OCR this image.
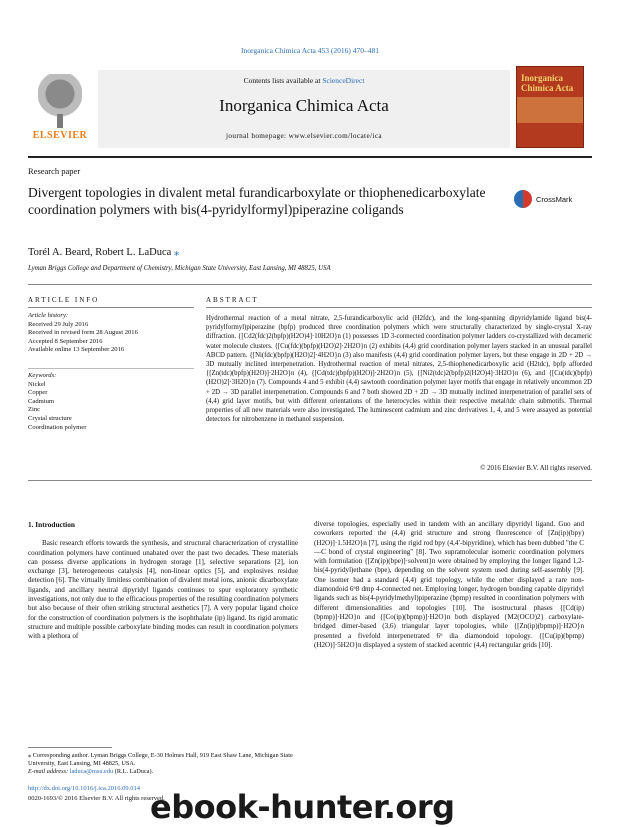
Inorganica Chimica Acta 453 (2016) 470–481
ELSEVIER
Contents lists available at ScienceDirect
Inorganica Chimica Acta
journal homepage: www.elsevier.com/locate/ica
Inorganica Chimica Acta
Research paper
Divergent topologies in divalent metal furandicarboxylate or thiophenedicarboxylate coordination polymers with bis(4-pyridylformyl)piperazine coligands
CrossMark
Torél A. Beard, Robert L. LaDuca ⁎
Lyman Briggs College and Department of Chemistry, Michigan State University, East Lansing, MI 48825, USA
ARTICLE INFO	ABSTRACT
Article history:
Received 29 July 2016
Received in revised form 28 August 2016
Accepted 8 September 2016
Available online 13 September 2016
Keywords:
Nickel
Copper
Cadmium
Zinc
Crystal structure
Coordination polymer
Hydrothermal reaction of a metal nitrate, 2,5-furandicarboxylic acid (H2fdc), and the long-spanning dipyridylamide ligand bis(4-pyridylformyl)piperazine (bpfp) produced three coordination polymers which were structurally characterized by single-crystal X-ray diffraction. {[Cd2(fdc)2(bpfp)(H2O)4]·10H2O}n (1) possesses 1D 3-connected coordination polymer ladders co-crystallized with decameric water molecule clusters. {[Cu(fdc)(bpfp)(H2O)2]·2H2O}n (2) exhibits (4,4) grid coordination polymer layers stacked in an unusual parallel ABCD pattern. {[Ni(fdc)(bpfp)(H2O)2]·4H2O}n (3) also manifests (4,4) grid coordination polymer layers, but these engage in 2D + 2D → 3D mutually inclined interpenetration. Hydrothermal reaction of metal nitrates, 2,5-thiophenedicarboxylic acid (H2tdc), bpfp afforded {[Zn(tdc)(bpfp)(H2O)]·2H2O}n (4), {[Cd(tdc)(bpfp)(H2O)]·2H2O}n (5), {[Ni2(tdc)2(bpfp)2(H2O)4]·3H2O}n (6), and {[Cu(tdc)(bpfp)(H2O)2]·3H2O}n (7). Compounds 4 and 5 exhibit (4,4) sawtooth coordination polymer layer motifs that engage in relatively uncommon 2D + 2D → 3D parallel interpenetration. Compounds 6 and 7 both showed 2D + 2D → 3D mutually inclined interpenetration of parallel sets of (4,4) grid layer motifs, but with different orientations of the heterocycles within their respective metal/tdc chain submotifs. Thermal properties of all new materials were also investigated. The luminescent cadmium and zinc derivatives 1, 4, and 5 were assayed as potential detectors for nitrobenzene in methanol suspension.
© 2016 Elsevier B.V. All rights reserved.
1. Introduction
Basic research efforts towards the synthesis, and structural characterization of crystalline coordination polymers have continued unabated over the past two decades. These materials can possess diverse applications in hydrogen storage [1], selective separations [2], ion exchange [3], heterogeneous catalysis [4], non-linear optics [5], and explosives residue detection [6]. The virtually limitless combination of divalent metal ions, anionic dicarboxylate ligands, and ancillary neutral dipyridyl ligands continues to spur exploratory synthetic investigations, not only due to the efficacious properties of the resulting coordination polymers but also because of their often striking structural aesthetics [7]. A very popular ligand choice for the construction of coordination polymers is the isophthalate (ip) ligand. Its rigid aromatic structure and multiple possible carboxylate binding modes can result in coordination polymers with a plethora of
diverse topologies, especially used in tandem with an ancillary dipyridyl ligand. Guo and coworkers reported the (4,4) grid structure and strong fluorescence of [Zn(ip)(bpy)(H2O)]·1.5H2O}n [7], using the rigid rod bpy (4,4′-bipyridine), which has been dubbed "the C—C bond of crystal engineering" [8]. Two supramolecular isomeric coordination polymers with formulation {[Zn(ip)(bpe)]·solvent}n were obtained by employing the longer ligand 1,2-bis(4-pyridyl)ethane (bpe), depending on the solvent system used during self-assembly [9]. One isomer had a standard (4,4) grid topology, while the other displayed a rare non-diamondoid 6⁶8 dmp 4-connected net. Employing longer, hydrogen bonding capable dipyridyl ligands such as bis(4-pyridylmethyl)piperazine (bpmp) resulted in coordination polymers with different dimensionalities and topologies [10]. The isostructural phases {[Cd(ip)(bpmp)]·H2O}n and {[Co(ip)(bpmp)]·H2O}n both displayed {M2(OCO)2} carboxylate-bridged dimer-based (3,6) triangular layer topologies, while {[Zn(ip)(bpmp)]·H2O}n presented a fivefold interpenetrated 6⁶ dia diamondoid topology. {[Cu(ip)(bpmp)(H2O)]·5H2O}n displayed a system of stacked acentric (4,4) rectangular grids [10].
⁎ Corresponding author. Lyman Briggs College, E-30 Holmes Hall, 919 East Shaw Lane, Michigan State University, East Lansing, MI 48825, USA.
E-mail address: laduca@msu.edu (R.L. LaDuca).
http://dx.doi.org/10.1016/j.ica.2016.09.014
0020-1693/© 2016 Elsevier B.V. All rights reserved.
ebook-hunter.org
